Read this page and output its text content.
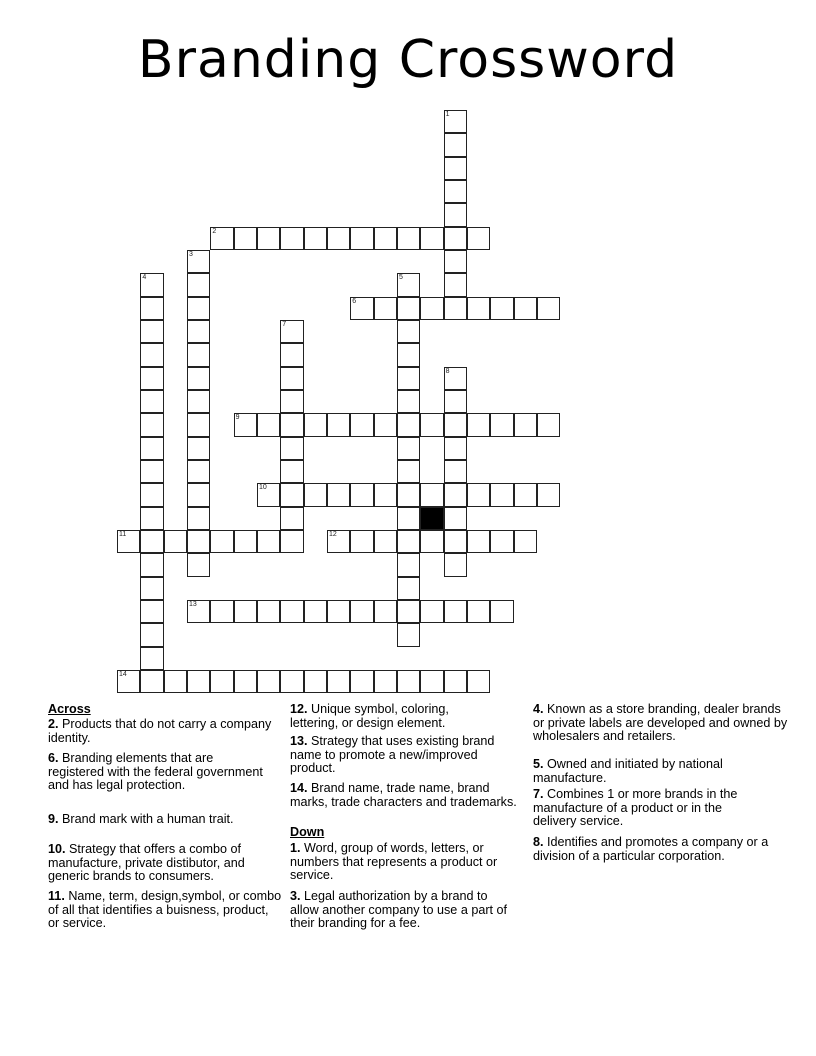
Branding Crossword
1
2
3
4	5
6
7
8
9
10
11	12
13
14
Across
2. Products that do not carry a company identity.
6. Branding elements that are registered with the federal government and has legal protection.
9. Brand mark with a human trait.
10. Strategy that offers a combo of manufacture, private distibutor, and generic brands to consumers.
11. Name, term, design,symbol, or combo of all that identifies a buisness, product, or service.
12. Unique symbol, coloring, lettering, or design element.
13. Strategy that uses existing brand name to promote a new/improved product.
14. Brand name, trade name, brand marks, trade characters and trademarks.
Down
1. Word, group of words, letters, or numbers that represents a product or service.
3. Legal authorization by a brand to allow another company to use a part of their branding for a fee.
4. Known as a store branding, dealer brands or private labels are developed and owned by wholesalers and retailers.
5. Owned and initiated by national manufacture.
7. Combines 1 or more brands in the manufacture of a product or in the delivery service.
8. Identifies and promotes a company or a division of a particular corporation.
